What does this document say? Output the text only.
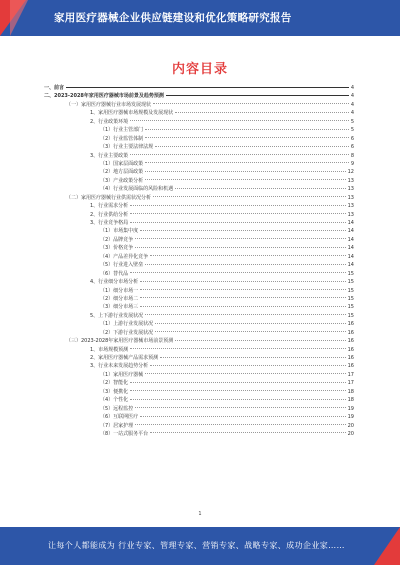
家用医疗器械企业供应链建设和优化策略研究报告
内容目录
一、前言	4
二、2023-2028年家用医疗器械市场前景及趋势预测	4
（一）家用医疗器械行业市场发展现状	4
1、家用医疗器械市场规模及发展现状	4
2、行业政策环境	5
（1）行业主管部门	5
（2）行业监管体制	6
（3）行业主要法律法规	6
3、行业主要政策	8
（1）国家层面政策	9
（2）地方层面政策	12
（3）产业政策分析	13
（4）行业发展面临的风险和机遇	13
（二）家用医疗器械行业供需状况分析	13
1、行业需求分析	13
2、行业供给分析	13
3、行业竞争格局	14
（1）市场集中度	14
（2）品牌竞争	14
（3）价格竞争	14
（4）产品差异化竞争	14
（5）行业进入壁垒	14
（6）替代品	15
4、行业细分市场分析	15
（1）细分市场一	15
（2）细分市场二	15
（3）细分市场三	15
5、上下游行业发展状况	15
（1）上游行业发展状况	16
（2）下游行业发展状况	16
（三）2023-2028年家用医疗器械市场前景预测	16
1、市场规模预测	16
2、家用医疗器械产品需求预测	16
3、行业未来发展趋势分析	16
（1）家用医疗器械	17
（2）智能化	17
（3）便携化	18
（4）个性化	18
（5）远程监控	19
（6）互联网医疗	19
（7）居家护理	20
（8）一站式服务平台	20
1
让每个人都能成为 行业专家、管理专家、营销专家、战略专家、成功企业家……
